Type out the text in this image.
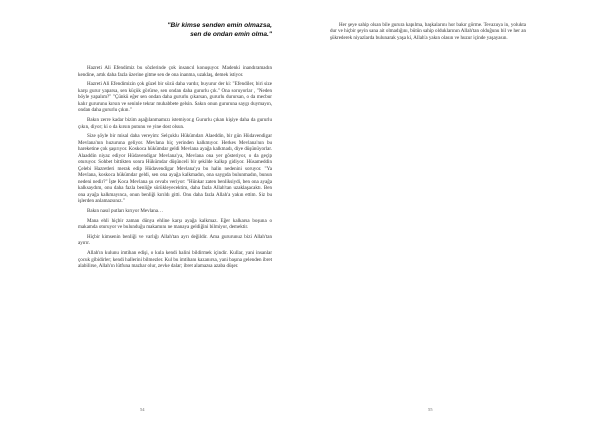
"Bir kimse senden emin olmazsa,
sen de ondan emin olma."

Hazreti Ali Efendimiz bu sözlerinde çok insancıl konuşuyor. Madenki inandıramadın kendine, artık daha fazla üzerine gitme sen de ona inanma, uzaklaş, demek istiyor.

Hazreti Ali Efendimizin çok güzel bir sözü daha vardır, buyurur der ki: "Efendiler, biri size karşı gurur yaparsa, sen küçük görürse, sen ondan daha gururlu çık." Ona soruyorlar , "Neden böyle yapalım?" "Çünkü eğer sen ondan daha gururlu çıkarsan, gururlu durursan, o da mecbur kalır gururunu kırsın ve seninle tekrar muhabbete gelsin. Sakın onun gururuna saygı duymayın, ondan daha gururlu çıkın."

Bakın zerre kadar bizim aşağılanmamızı istemiyor.g Gururlu çıkan kişiye daha da gururlu çıkın, diyor; ki o da kırsın putunu ve yine dost olsun.

Size şöyle bir misal daha vereyim: Selçuklu Hükümdarı Alaeddin, bir gün Hüdavendigar Mevlana'nın huzuruna geliyor. Mevlana hiç yerinden kalkmıyor. Herkes Mevlana'nın bu hareketine çok şaşırıyor. Koskoca hükümdar geldi Mevlana ayağa kalkmadı, diye düşünüyorlar. Alaaddin niyaz ediyor Hüdavendigar Mevlana'ya, Mevlana ona yer gösteriyor, o da geçip oturuyor. Sohbet bittikten sonra Hükümdar düşünceli bir şekilde kalkıp gidiyor. Hüsameddin Çelebi Hazretleri merak edip Hüdavendigar Mevlana'ya bu halin nedenini soruyor. "Ya Mevlana, koskoca hükümdar geldi, sen ona ayağa kalkmadın, ona saygıda bulunmadın, bunun nedeni nedir?" İşte Koca Mevlana şu cevabı veriyor: "Hünkar zaten benliksiydi, ben ona ayağa kalksaydım, onu daha fazla benliğe sürükleyecektim, daha fazla Allah'tan uzaklaşacaktı. Ben ona ayağa kalkmayınca, onun benliği kırıldı gitti. Onu daha fazla Allah'a yakın ettim. Siz bu işlerden anlamazsınız."

Bakın nasıl putları kırıyor Mevlana…

Mana ehli hiçbir zaman dünya ehline karşı ayağa kalkmaz. Eğer kalkarsa boşuna o makamda oturuyor ve bulunduğu makamını ne manaya geldiğini bilmiyor, demektir.

Hiçbir kimsenin benliği ve varlığı Allah'tan ayrı değildir. Ama gururunuz bizi Allah'tan ayırır.

Allah'ın kulunu imtihan edişi, o kula kendi halini bildirmek içindir. Kullar, yani insanlar çocuk gibidirler; kendi hallerini bilmezler. Kul bu imtihanı kazanırsa, yani başına gelenden ibret alabilirse, Allah'ın lütfuna mazhar olur, zevke dalar; ibret alamazsa azaba düşer.

54

Her şeye sahip olsan bile gurura kapılma, başkalarını hor bakır görme. Tevazuya in, yolukta dur ve hiçbir şeyin sana ait olmadığını, bütün sahip olduklarının Allah'tan olduğunu bil ve her an şükrederek niyazlarda bulunarak yaşa ki, Allah'a yakın olasın ve huzur içinde yaşayasın.

55
